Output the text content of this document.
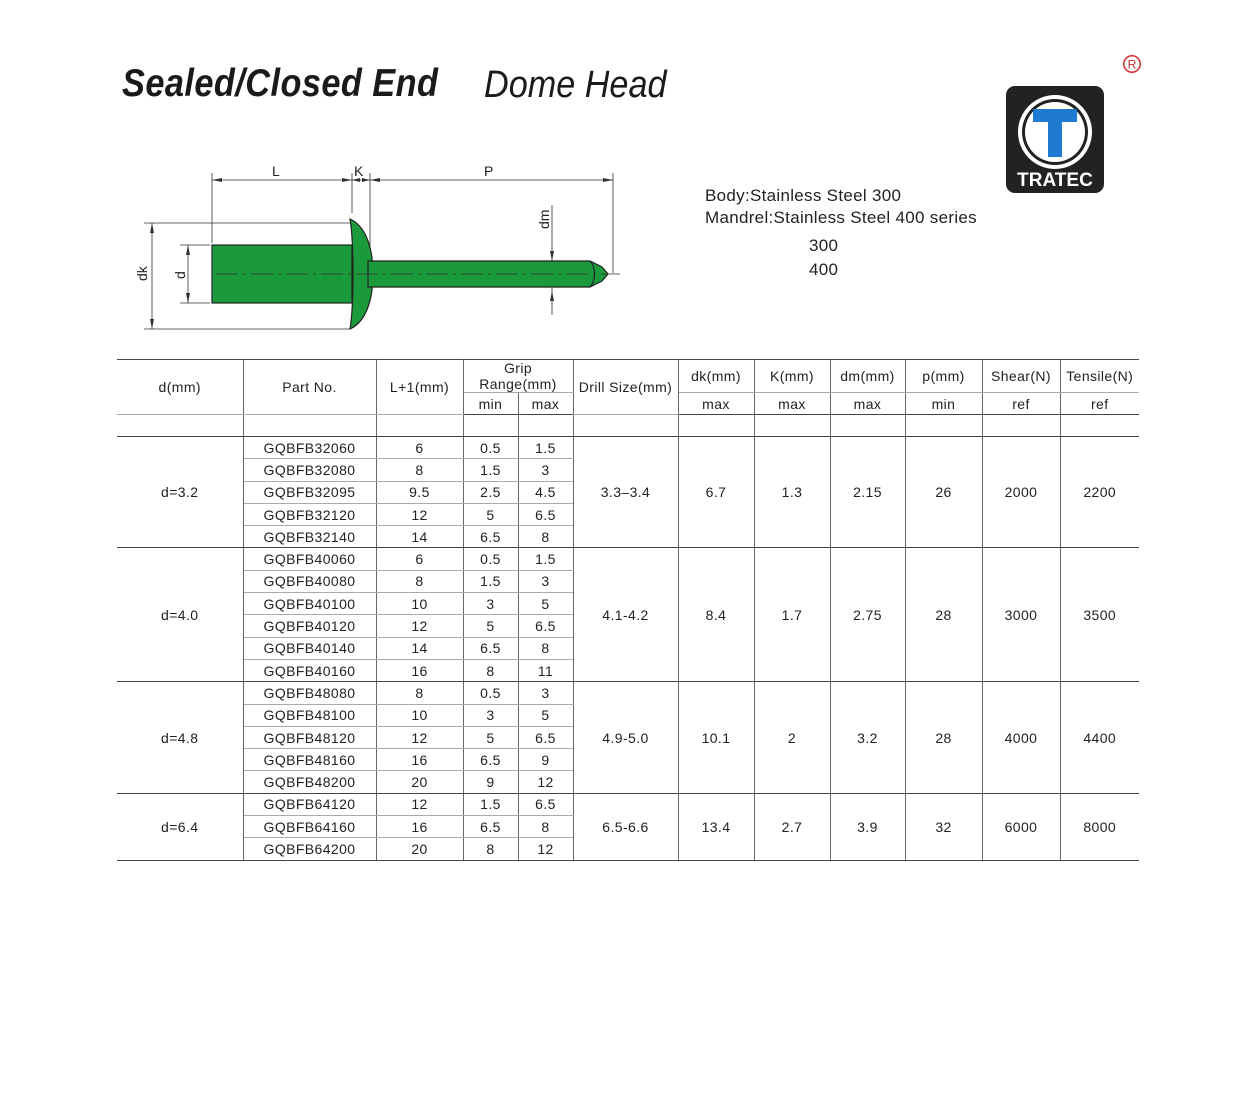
Sealed/Closed End Dome Head	R
TRATEC
Body:Stainless Steel 300
Mandrel:Stainless Steel 400 series
300
400
L	K	P
dm
dk d
d(mm)	Part No.	L+1(mm)	Grip Range(mm)		Drill Size(mm)	dk(mm)	K(mm)	dm(mm)	p(mm)	Shear(N)	Tensile(N)
			min	max		max	max	max	min	ref	ref

d=3.2	GQBFB32060	6	0.5	1.5	3.3–3.4	6.7	1.3	2.15	26	2000	2200
	GQBFB32080	8	1.5	3							
	GQBFB32095	9.5	2.5	4.5							
	GQBFB32120	12	5	6.5							
	GQBFB32140	14	6.5	8							
d=4.0	GQBFB40060	6	0.5	1.5	4.1-4.2	8.4	1.7	2.75	28	3000	3500
	GQBFB40080	8	1.5	3							
	GQBFB40100	10	3	5							
	GQBFB40120	12	5	6.5							
	GQBFB40140	14	6.5	8							
	GQBFB40160	16	8	11							
d=4.8	GQBFB48080	8	0.5	3	4.9-5.0	10.1	2	3.2	28	4000	4400
	GQBFB48100	10	3	5							
	GQBFB48120	12	5	6.5							
	GQBFB48160	16	6.5	9							
	GQBFB48200	20	9	12							
d=6.4	GQBFB64120	12	1.5	6.5	6.5-6.6	13.4	2.7	3.9	32	6000	8000
	GQBFB64160	16	6.5	8							
	GQBFB64200	20	8	12							
